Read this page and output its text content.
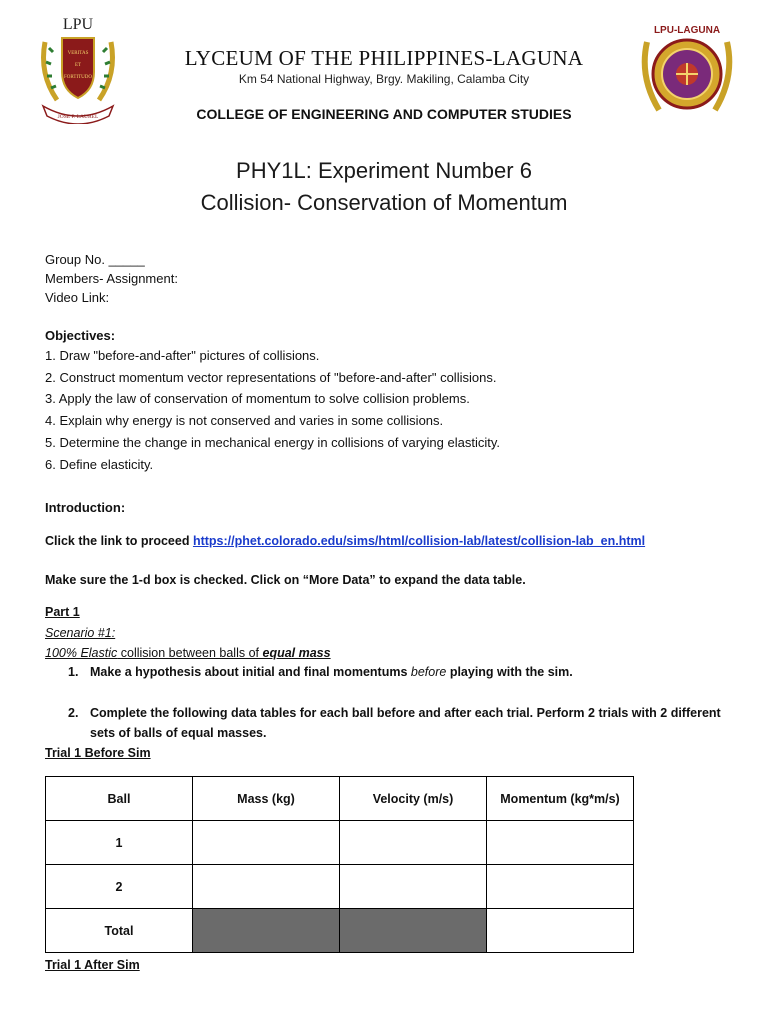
LPU
VERITAS
ET
FORTITUDO
JOSE P. LAUREL
LPU-LAGUNA
LYCEUM OF THE PHILIPPINES-LAGUNA
Km 54 National Highway, Brgy. Makiling, Calamba City
COLLEGE OF ENGINEERING AND COMPUTER STUDIES
PHY1L: Experiment Number 6
Collision- Conservation of Momentum
Group No. _____
Members- Assignment:
Video Link:
Objectives:
1. Draw "before-and-after" pictures of collisions.
2. Construct momentum vector representations of "before-and-after" collisions.
3. Apply the law of conservation of momentum to solve collision problems.
4. Explain why energy is not conserved and varies in some collisions.
5. Determine the change in mechanical energy in collisions of varying elasticity.
6. Define elasticity.
Introduction:
Click the link to proceed https://phet.colorado.edu/sims/html/collision-lab/latest/collision-lab_en.html
Make sure the 1-d box is checked. Click on “More Data” to expand the data table.
Part 1
Scenario #1:
100% Elastic collision between balls of equal mass
1. Make a hypothesis about initial and final momentums before playing with the sim.
2. Complete the following data tables for each ball before and after each trial. Perform 2 trials with 2 different sets of balls of equal masses.
Trial 1 Before Sim
Ball	Mass (kg)	Velocity (m/s)	Momentum (kg*m/s)
1			
2			
Total			
Trial 1 After Sim
